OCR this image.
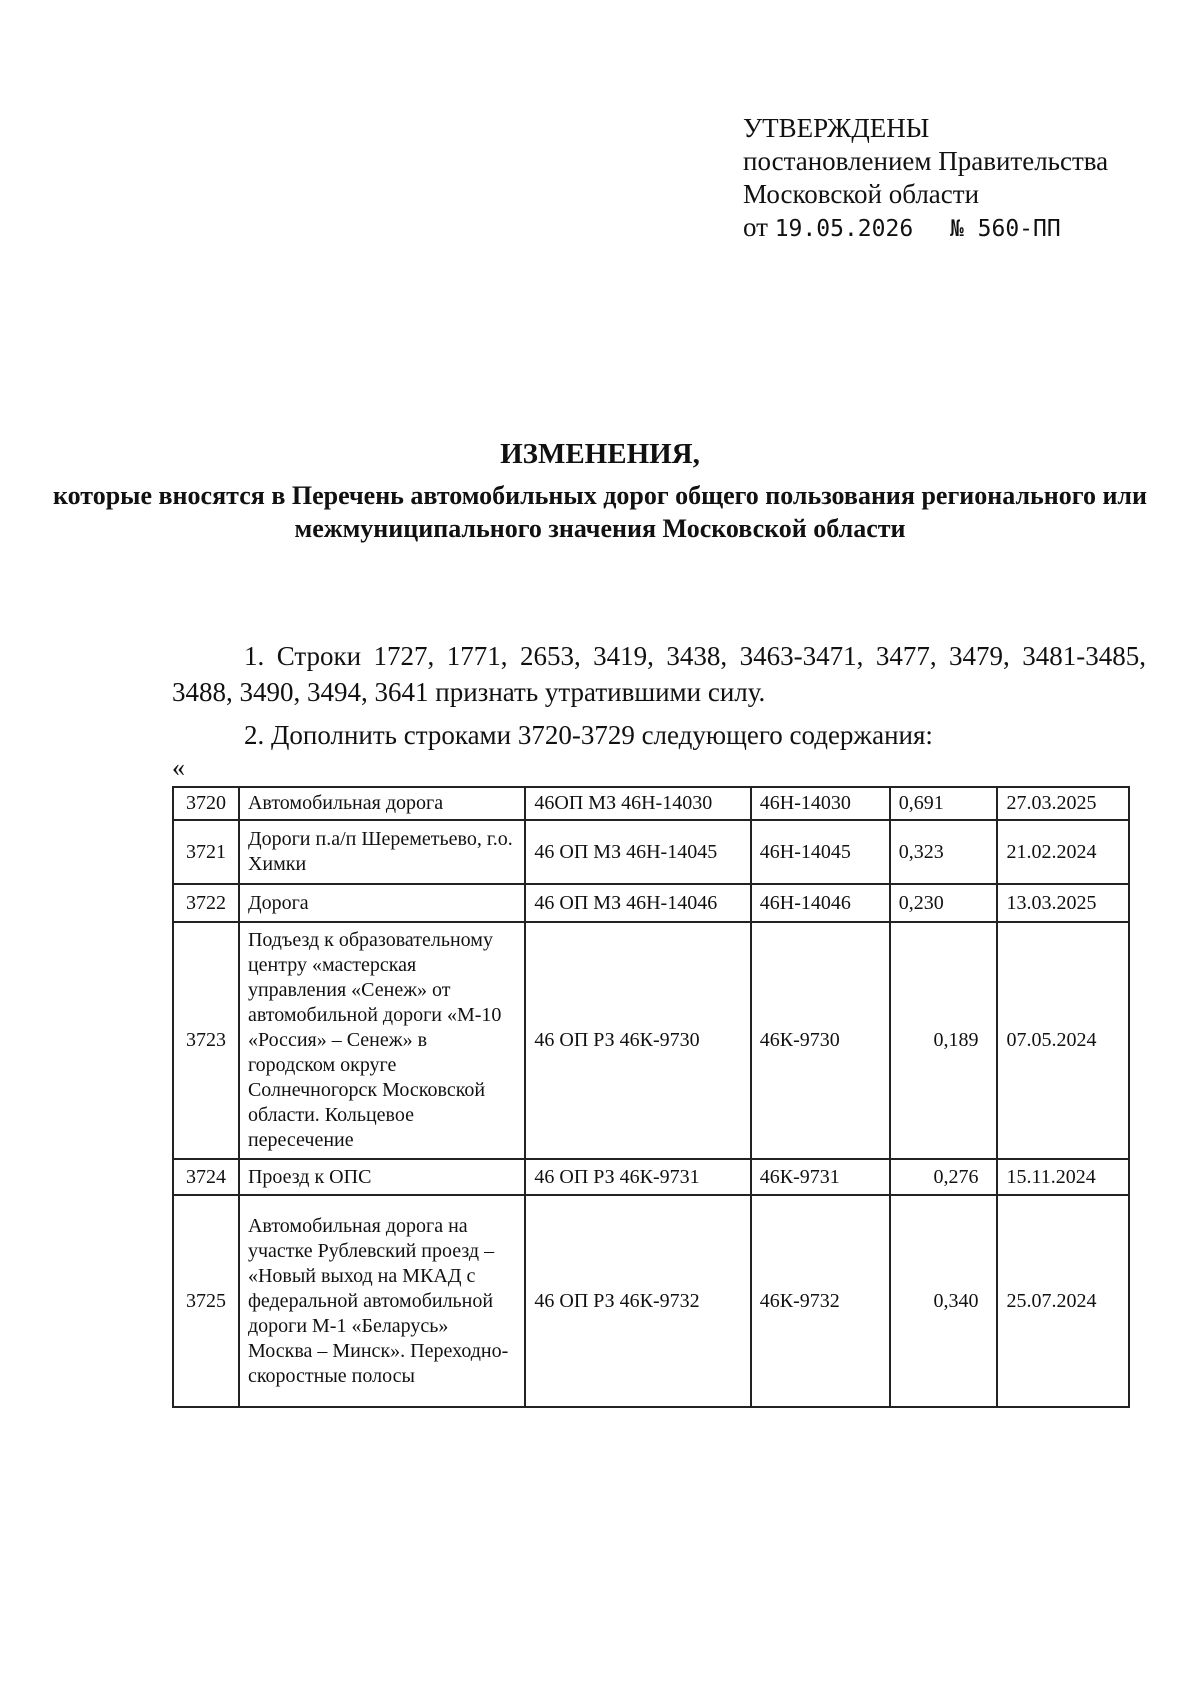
УТВЕРЖДЕНЫ
постановлением Правительства
Московской области
от 19.05.2026 № 560-ПП
ИЗМЕНЕНИЯ,
которые вносятся в Перечень автомобильных дорог общего пользования регионального или межмуниципального значения Московской области
1. Строки 1727, 1771, 2653, 3419, 3438, 3463-3471, 3477, 3479, 3481-3485, 3488, 3490, 3494, 3641 признать утратившими силу.
2. Дополнить строками 3720-3729 следующего содержания:
«
3720	Автомобильная дорога	46ОП МЗ 46Н-14030	46Н-14030	0,691	27.03.2025
3721	Дороги п.а/п Шереметьево, г.о. Химки	46 ОП МЗ 46Н-14045	46Н-14045	0,323	21.02.2024
3722	Дорога	46 ОП МЗ 46Н-14046	46Н-14046	0,230	13.03.2025
3723	Подъезд к образовательному центру «мастерская управления «Сенеж» от автомобильной дороги «М-10 «Россия» – Сенеж» в городском округе Солнечногорск Московской области. Кольцевое пересечение	46 ОП РЗ 46К-9730	46К-9730	0,189	07.05.2024
3724	Проезд к ОПС	46 ОП РЗ 46К-9731	46К-9731	0,276	15.11.2024
3725	Автомобильная дорога на участке Рублевский проезд – «Новый выход на МКАД с федеральной автомобильной дороги М-1 «Беларусь» Москва – Минск». Переходно-скоростные полосы	46 ОП РЗ 46К-9732	46К-9732	0,340	25.07.2024
